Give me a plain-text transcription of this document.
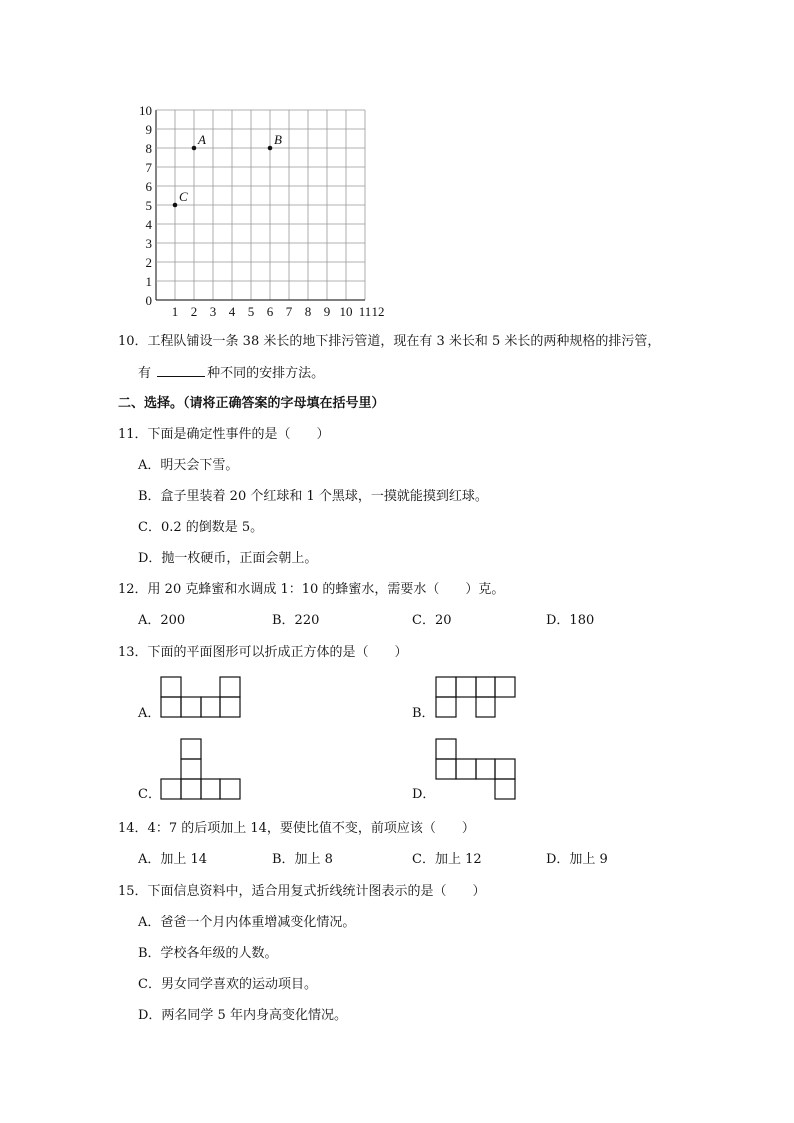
0
1
2
3
4
5
6
7
8
9
10
1 2 3 4 5 6 7 8 9 10 11 12
A	B
C
10．工程队铺设一条 38 米长的地下排污管道，现在有 3 米长和 5 米长的两种规格的排污管，
有	种不同的安排方法。
二、选择。（请将正确答案的字母填在括号里）
11．下面是确定性事件的是（　　）
A．明天会下雪。
B．盒子里装着 20 个红球和 1 个黑球，一摸就能摸到红球。
C．0.2 的倒数是 5。
D．抛一枚硬币，正面会朝上。
12．用 20 克蜂蜜和水调成 1：10 的蜂蜜水，需要水（　　）克。
A．200	B．220	C．20	D．180
13．下面的平面图形可以折成正方体的是（　　）
A．	B．
C．	D．
14．4：7 的后项加上 14，要使比值不变，前项应该（　　）
A．加上 14	B．加上 8	C．加上 12	D．加上 9
15．下面信息资料中，适合用复式折线统计图表示的是（　　）
A．爸爸一个月内体重增减变化情况。
B．学校各年级的人数。
C．男女同学喜欢的运动项目。
D．两名同学 5 年内身高变化情况。
